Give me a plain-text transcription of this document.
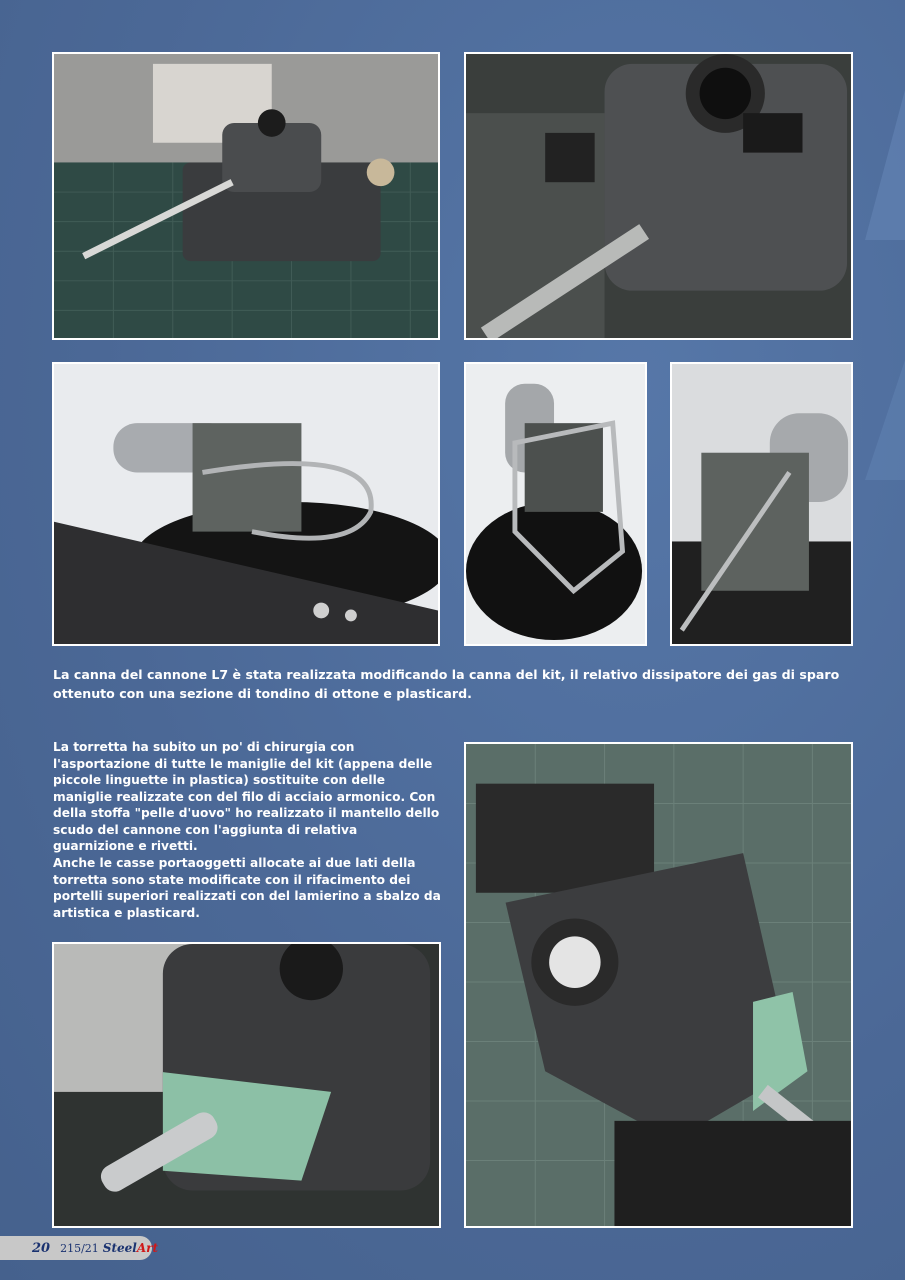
La canna del cannone L7 è stata realizzata modificando la canna del kit, il relativo dissipatore dei gas di sparo ottenuto con una sezione di tondino di ottone e plasticard.

La torretta ha subito un po' di chirurgia con l'asportazione di tutte le maniglie del kit (appena delle piccole linguette in plastica) sostituite con delle maniglie realizzate con del filo di acciaio armonico. Con della stoffa "pelle d'uovo" ho realizzato il mantello dello scudo del cannone con l'aggiunta di relativa guarnizione e rivetti.

Anche le casse portaoggetti allocate ai due lati della torretta sono state modificate con il rifacimento dei portelli superiori realizzati con del lamierino a sbalzo da artistica e plasticard.

20 215/21 SteelArt
